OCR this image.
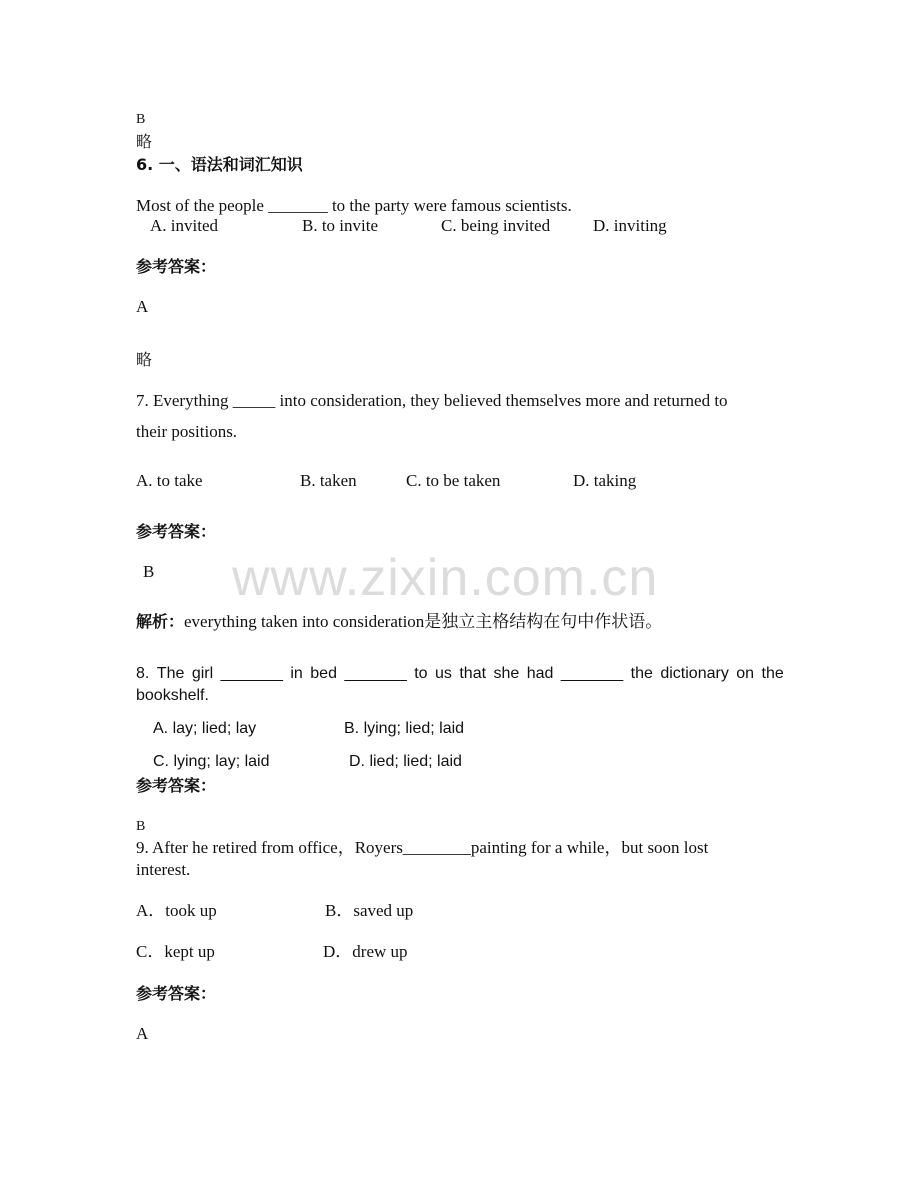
www.zixin.com.cn
B
略
6. 一、语法和词汇知识
Most of the people _______ to the party were famous scientists.
A. invited	B. to invite	C. being invited	D. inviting
参考答案：
A
略
7. Everything _____ into consideration, they believed themselves more and returned to
their positions.
A. to take	B. taken	C. to be taken	D. taking
参考答案：
B
解析：everything taken into consideration是独立主格结构在句中作状语。
8. The girl _______ in bed _______ to us that she had _______ the dictionary on the
bookshelf.
A. lay; lied; lay	B. lying; lied; laid
C. lying; lay; laid	D. lied; lied; laid
参考答案：
B
9. After he retired from office，Royers________painting for a while，but soon lost
interest.
A．took up	B．saved up
C．kept up	D．drew up
参考答案：
A
